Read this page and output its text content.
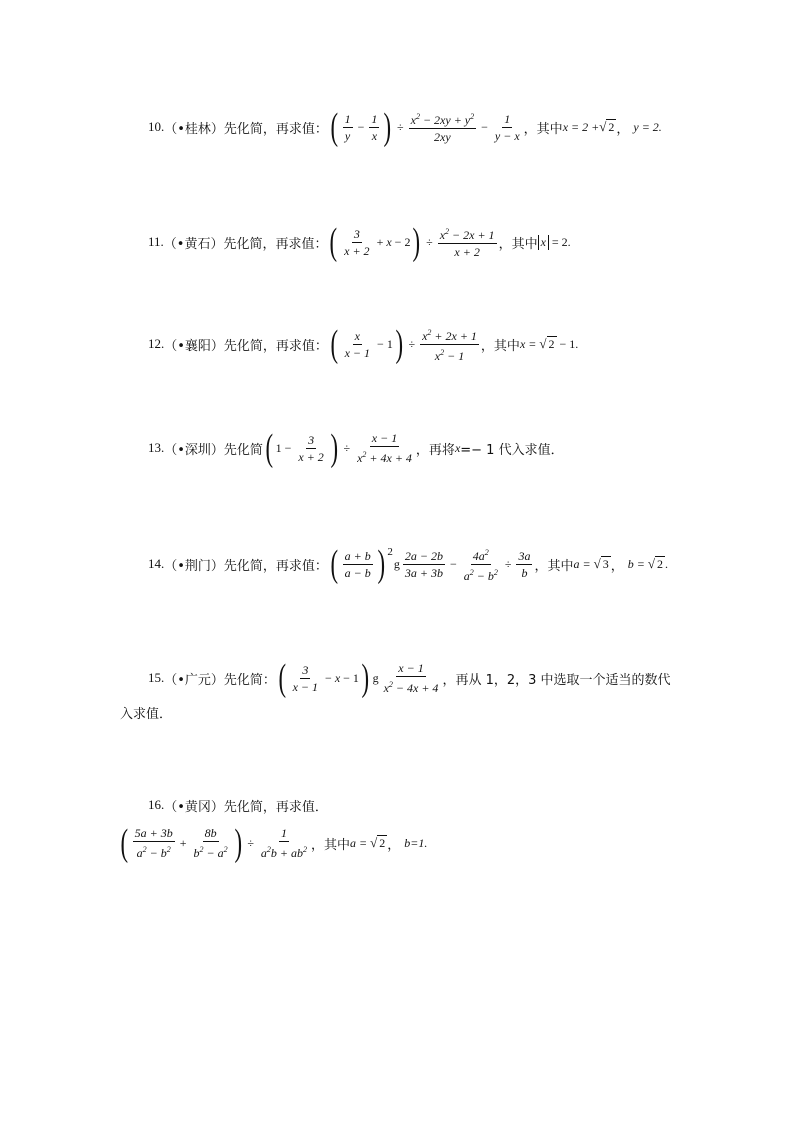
10. （•桂林） 先化简，再求值： ( $\frac{1}{y} - \frac{1}{x}$ ) ÷ $\frac{x^2 - 2xy + y^2}{2xy} - \frac{1}{y - x}$ ，其中 x = 2 + √ 2 ， y = 2.
11. （•黄石） 先化简，再求值： ( $\frac{3}{x + 2} + x - 2$ ) ÷ $\frac{x^2 - 2x + 1}{x + 2}$ ，其中 x = 2.
12. （•襄阳） 先化简，再求值： ( $\frac{x}{x - 1} - 1$ ) ÷ $\frac{x^2 + 2x + 1}{x^2 - 1}$ ，其中 x = √ 2 − 1.
13. （•深圳） 先化简 ( $1 - \frac{3}{x + 2}$ ) ÷ $\frac{x - 1}{x^2 + 4x + 4}$ ，再将 x =− 1 代入求值．
14. （•荆门） 先化简，再求值： ( $\frac{a + b}{a - b}$ ) 2
g $\frac{2a - 2b}{3a + 3b} - \frac{4a^2}{a^2 - b^2} \div \frac{3a}{b}$ ，其中 a = √ 3 ， b = √ 2 .
15. （•广元） 先化简： ( $\frac{3}{x - 1} - x - 1$ ) g $\frac{x - 1}{x^2 - 4x + 4}$ ，再从 1，2，3 中选取一个适当的数代
入求值．
16. （•黄冈） 先化简，再求值．
( $\frac{5a + 3b}{a^2 - b^2} + \frac{8b}{b^2 - a^2}$ ) ÷ $\frac{1}{a^2b + ab^2}$ ，其中 a = √ 2 ， b=1.
